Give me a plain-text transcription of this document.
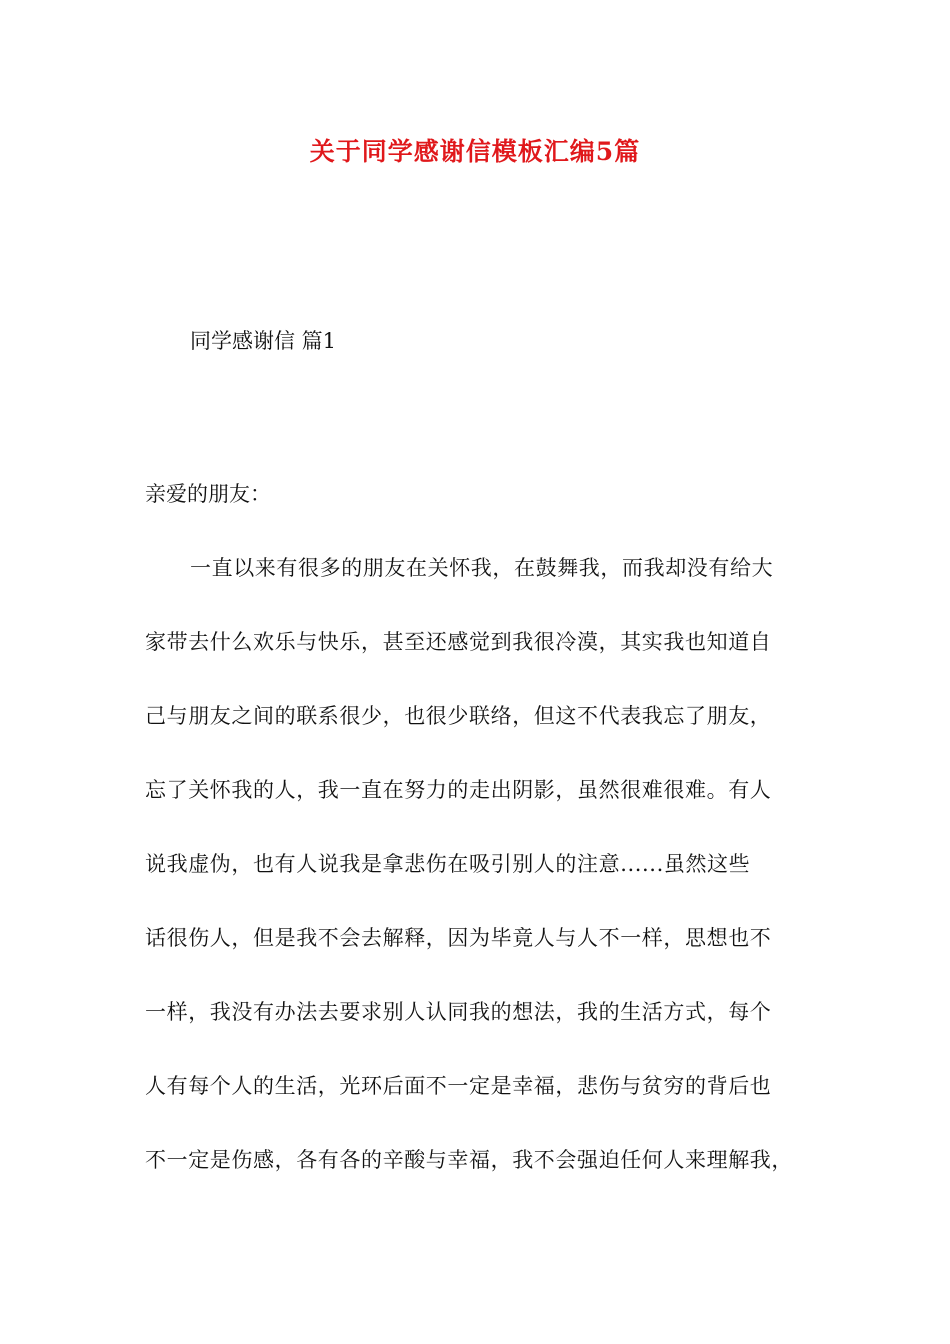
关于同学感谢信模板汇编5篇

同学感谢信 篇1

亲爱的朋友：

一直以来有很多的朋友在关怀我，在鼓舞我，而我却没有给大

家带去什么欢乐与快乐，甚至还感觉到我很冷漠，其实我也知道自

己与朋友之间的联系很少，也很少联络，但这不代表我忘了朋友，

忘了关怀我的人，我一直在努力的走出阴影，虽然很难很难。有人

说我虚伪，也有人说我是拿悲伤在吸引别人的注意......虽然这些

话很伤人，但是我不会去解释，因为毕竟人与人不一样，思想也不

一样，我没有办法去要求别人认同我的想法，我的生活方式，每个

人有每个人的生活，光环后面不一定是幸福，悲伤与贫穷的背后也

不一定是伤感，各有各的辛酸与幸福，我不会强迫任何人来理解我，
